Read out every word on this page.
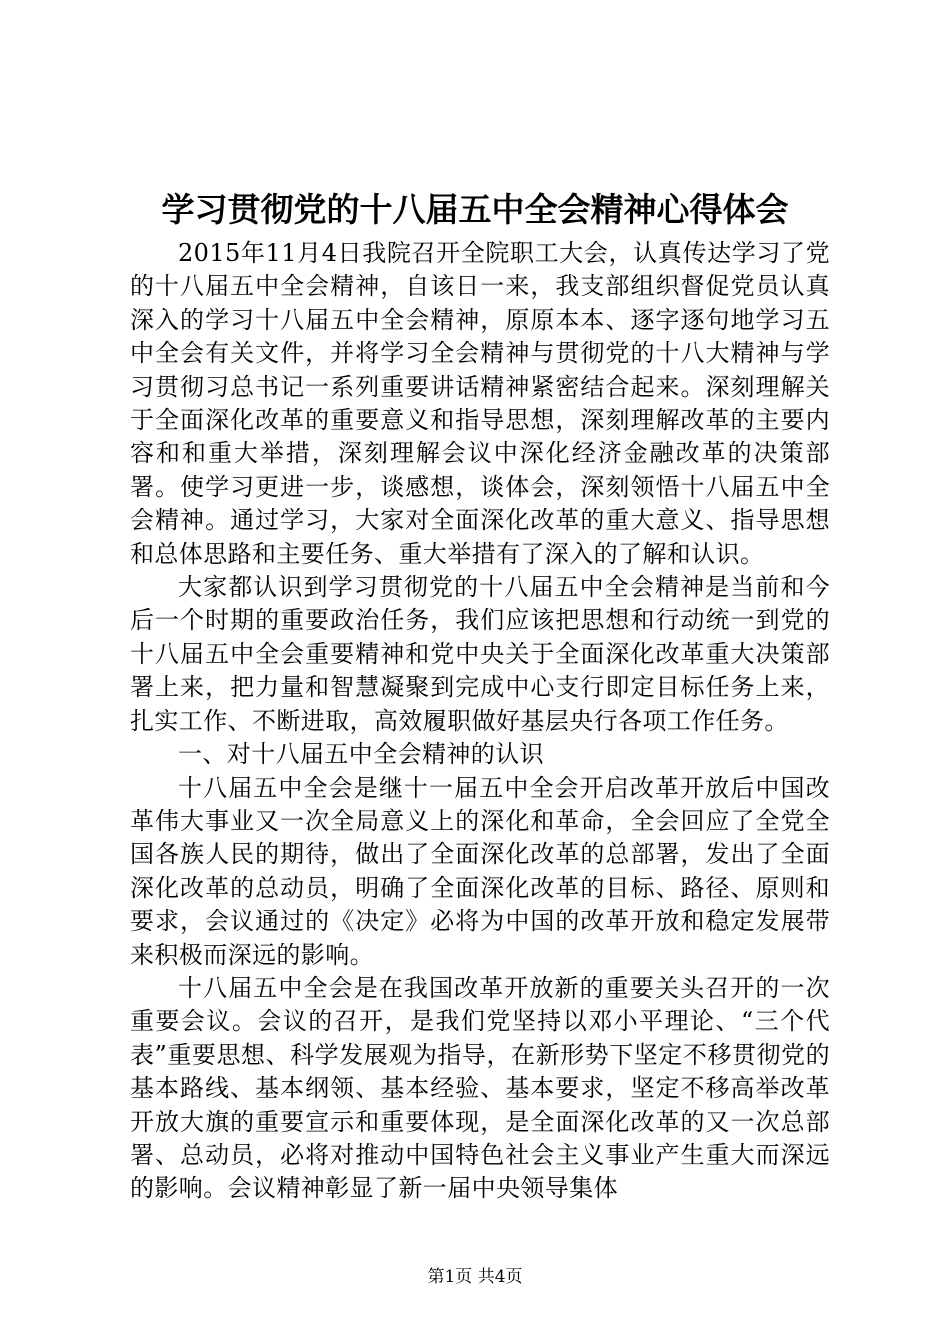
学习贯彻党的十八届五中全会精神心得体会

2015年11月4日我院召开全院职工大会，认真传达学习了党的十八届五中全会精神，自该日一来，我支部组织督促党员认真深入的学习十八届五中全会精神，原原本本、逐字逐句地学习五中全会有关文件，并将学习全会精神与贯彻党的十八大精神与学习贯彻习总书记一系列重要讲话精神紧密结合起来。深刻理解关于全面深化改革的重要意义和指导思想，深刻理解改革的主要内容和和重大举措，深刻理解会议中深化经济金融改革的决策部署。使学习更进一步，谈感想，谈体会，深刻领悟十八届五中全会精神。通过学习，大家对全面深化改革的重大意义、指导思想和总体思路和主要任务、重大举措有了深入的了解和认识。

大家都认识到学习贯彻党的十八届五中全会精神是当前和今后一个时期的重要政治任务，我们应该把思想和行动统一到党的十八届五中全会重要精神和党中央关于全面深化改革重大决策部署上来，把力量和智慧凝聚到完成中心支行即定目标任务上来，扎实工作、不断进取，高效履职做好基层央行各项工作任务。

一、对十八届五中全会精神的认识

十八届五中全会是继十一届五中全会开启改革开放后中国改革伟大事业又一次全局意义上的深化和革命，全会回应了全党全国各族人民的期待，做出了全面深化改革的总部署，发出了全面深化改革的总动员，明确了全面深化改革的目标、路径、原则和要求，会议通过的《决定》必将为中国的改革开放和稳定发展带来积极而深远的影响。

十八届五中全会是在我国改革开放新的重要关头召开的一次重要会议。会议的召开，是我们党坚持以邓小平理论、“三个代表”重要思想、科学发展观为指导，在新形势下坚定不移贯彻党的基本路线、基本纲领、基本经验、基本要求，坚定不移高举改革开放大旗的重要宣示和重要体现，是全面深化改革的又一次总部署、总动员，必将对推动中国特色社会主义事业产生重大而深远的影响。会议精神彰显了新一届中央领导集体

第1页 共4页
